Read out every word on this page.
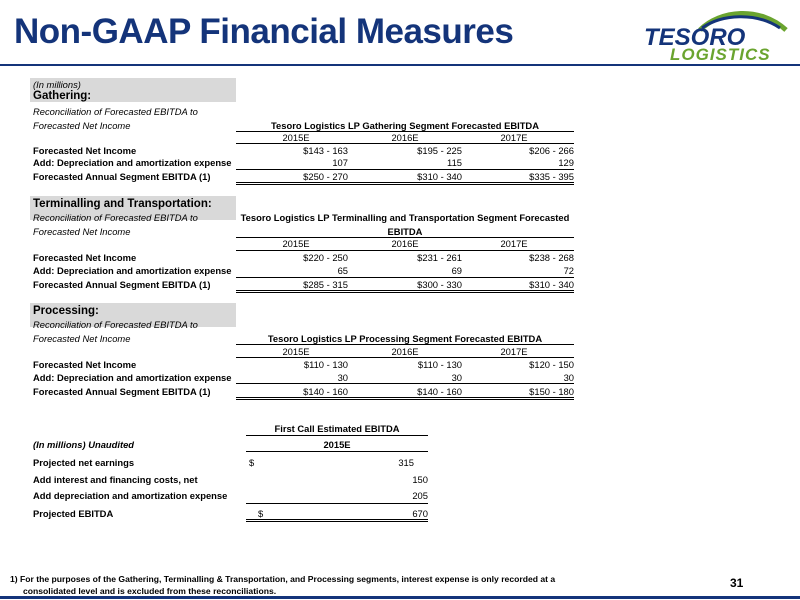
Non-GAAP Financial Measures	TESORO
LOGISTICS
(In millions)
Gathering:
Reconciliation of Forecasted EBITDA to
Forecasted Net Income	Tesoro Logistics LP Gathering Segment Forecasted EBITDA
2015E	2016E	2017E
Forecasted Net Income	$143 - 163	$195 - 225	$206 - 266
Add: Depreciation and amortization expense	107	115	129
Forecasted Annual Segment EBITDA (1)	$250 - 270	$310 - 340	$335 - 395
Terminalling and Transportation:
Reconciliation of Forecasted EBITDA to
Forecasted Net Income
Tesoro Logistics LP Terminalling and Transportation Segment Forecasted
EBITDA
2015E	2016E	2017E
Forecasted Net Income	$220 - 250	$231 - 261	$238 - 268
Add: Depreciation and amortization expense	65	69	72
Forecasted Annual Segment EBITDA (1)	$285 - 315	$300 - 330	$310 - 340
Processing:
Reconciliation of Forecasted EBITDA to
Forecasted Net Income	Tesoro Logistics LP Processing Segment Forecasted EBITDA
2015E	2016E	2017E
Forecasted Net Income	$110 - 130	$110 - 130	$120 - 150
Add: Depreciation and amortization expense	30	30	30
Forecasted Annual Segment EBITDA (1)	$140 - 160	$140 - 160	$150 - 180
First Call Estimated EBITDA
(In millions) Unaudited	2015E
Projected net earnings	$	315
Add interest and financing costs, net	150
Add depreciation and amortization expense	205
Projected EBITDA	$	670
1) For the purposes of the Gathering, Terminalling & Transportation, and Processing segments, interest expense is only recorded at a
consolidated level and is excluded from these reconciliations.
31
